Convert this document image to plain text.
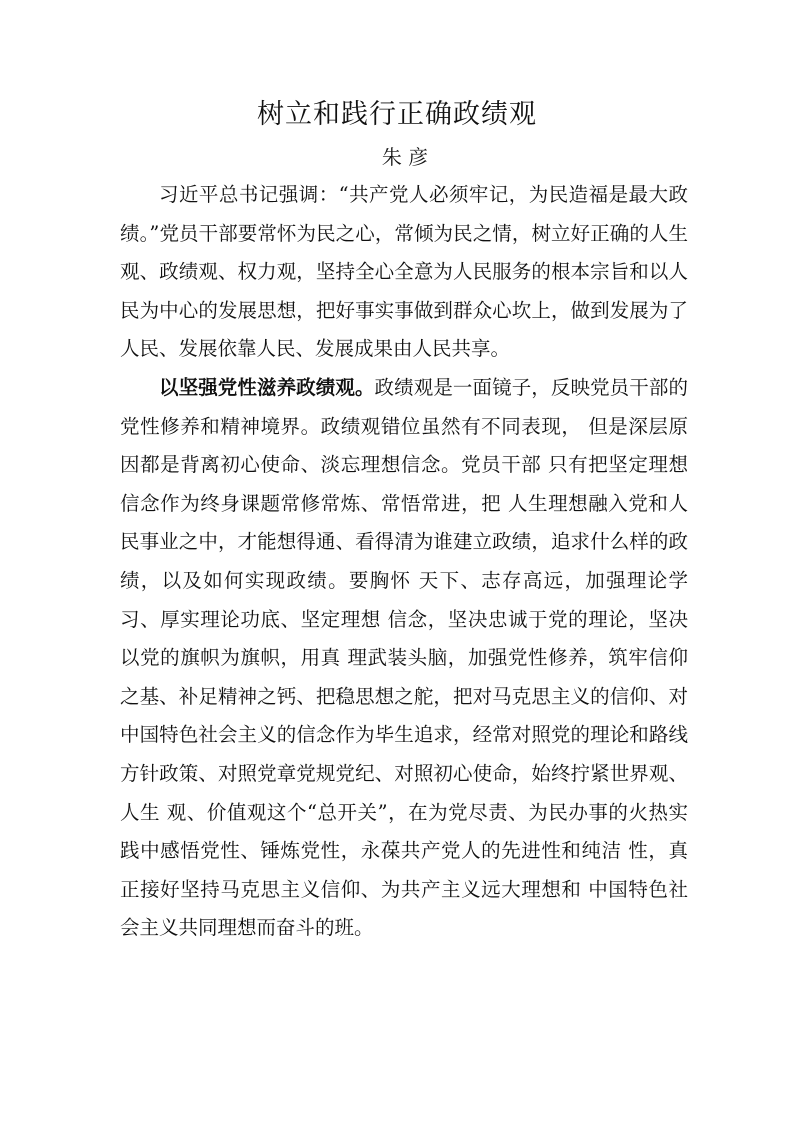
树立和践行正确政绩观
朱 彦

习近平总书记强调：“共产党人必须牢记，为民造福是最大政绩。”党员干部要常怀为民之心，常倾为民之情，树立好正确的人生观、政绩观、权力观，坚持全心全意为人民服务的根本宗旨和以人民为中心的发展思想，把好事实事做到群众心坎上，做到发展为了人民、发展依靠人民、发展成果由人民共享。

以坚强党性滋养政绩观。政绩观是一面镜子，反映党员干部的党性修养和精神境界。政绩观错位虽然有不同表现， 但是深层原因都是背离初心使命、淡忘理想信念。党员干部 只有把坚定理想信念作为终身课题常修常炼、常悟常进，把 人生理想融入党和人民事业之中，才能想得通、看得清为谁建立政绩，追求什么样的政绩，以及如何实现政绩。要胸怀 天下、志存高远，加强理论学习、厚实理论功底、坚定理想 信念，坚决忠诚于党的理论，坚决以党的旗帜为旗帜，用真 理武装头脑，加强党性修养，筑牢信仰之基、补足精神之钙、把稳思想之舵，把对马克思主义的信仰、对中国特色社会主义的信念作为毕生追求，经常对照党的理论和路线方针政策、对照党章党规党纪、对照初心使命，始终拧紧世界观、人生 观、价值观这个“总开关”，在为党尽责、为民办事的火热实践中感悟党性、锤炼党性，永葆共产党人的先进性和纯洁 性，真正接好坚持马克思主义信仰、为共产主义远大理想和 中国特色社会主义共同理想而奋斗的班。
